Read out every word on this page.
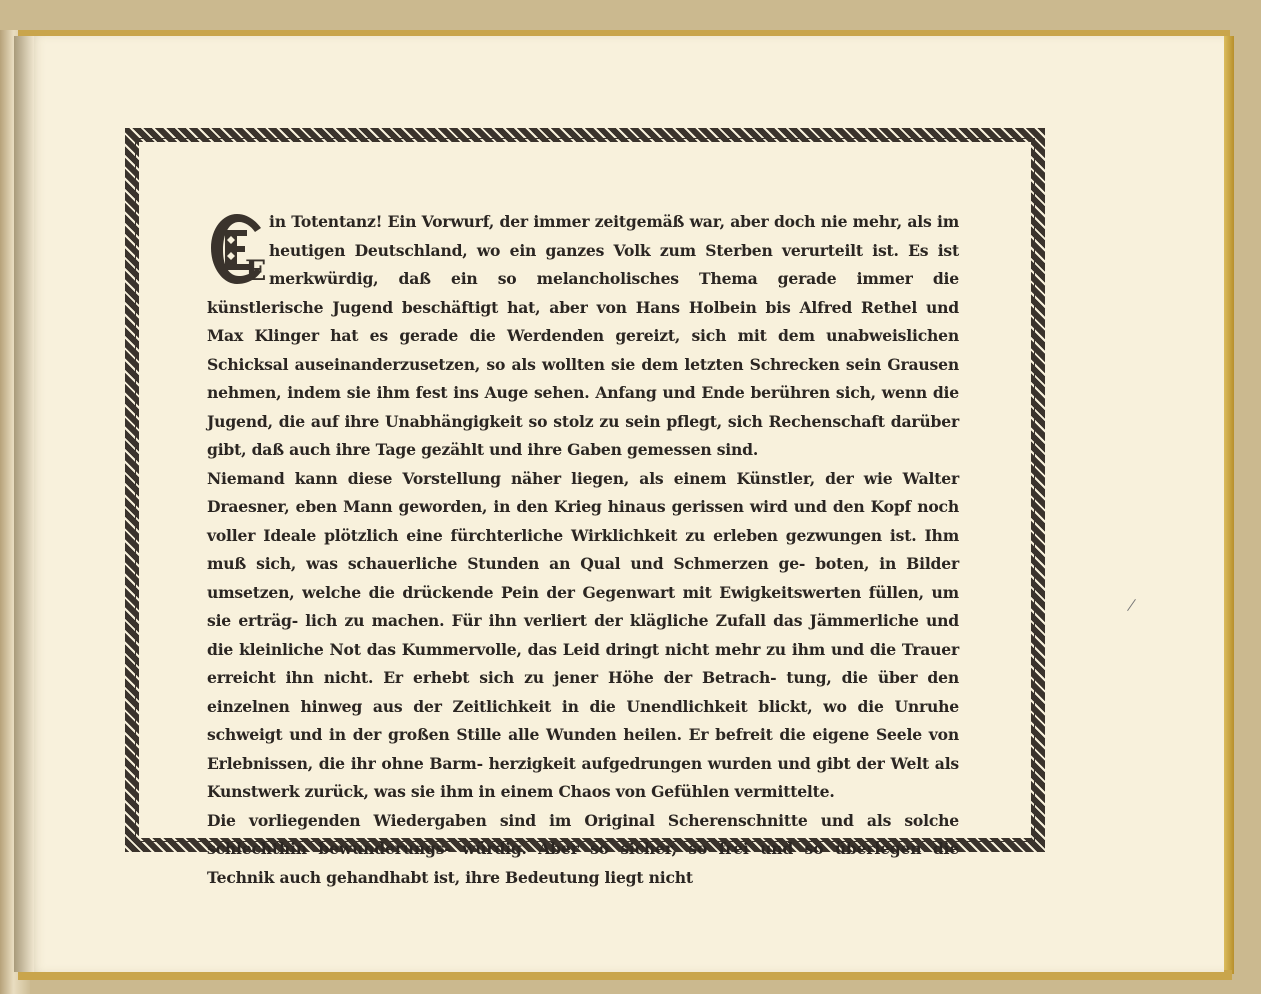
E
in Totentanz! Ein Vorwurf, der immer zeitgemäß war, aber doch nie mehr, als im heutigen Deutschland, wo ein ganzes Volk zum Sterben verurteilt ist. Es ist merkwürdig, daß ein so melancholisches Thema gerade immer die künstlerische Jugend beschäftigt hat, aber von Hans Holbein bis Alfred Rethel und Max Klinger hat es gerade die Werdenden gereizt, sich mit dem unabweislichen Schicksal auseinanderzusetzen, so als wollten sie dem letzten Schrecken sein Grausen nehmen, indem sie ihm fest ins Auge sehen. Anfang und Ende berühren sich, wenn die Jugend, die auf ihre Unabhängigkeit so stolz zu sein pflegt, sich Rechenschaft darüber gibt, daß auch ihre Tage gezählt und ihre Gaben gemessen sind.

Niemand kann diese Vorstellung näher liegen, als einem Künstler, der wie Walter Draesner, eben Mann geworden, in den Krieg hinaus gerissen wird und den Kopf noch voller Ideale plötzlich eine fürchterliche Wirklichkeit zu erleben gezwungen ist. Ihm muß sich, was schauerliche Stunden an Qual und Schmerzen ge- boten, in Bilder umsetzen, welche die drückende Pein der Gegenwart mit Ewigkeitswerten füllen, um sie erträg- lich zu machen. Für ihn verliert der klägliche Zufall das Jämmerliche und die kleinliche Not das Kummervolle, das Leid dringt nicht mehr zu ihm und die Trauer erreicht ihn nicht. Er erhebt sich zu jener Höhe der Betrach- tung, die über den einzelnen hinweg aus der Zeitlichkeit in die Unendlichkeit blickt, wo die Unruhe schweigt und in der großen Stille alle Wunden heilen. Er befreit die eigene Seele von Erlebnissen, die ihr ohne Barm- herzigkeit aufgedrungen wurden und gibt der Welt als Kunstwerk zurück, was sie ihm in einem Chaos von Gefühlen vermittelte.

Die vorliegenden Wiedergaben sind im Original Scherenschnitte und als solche schlechthin bewunderungs- würdig. Aber so sicher, so frei und so überlegen die Technik auch gehandhabt ist, ihre Bedeutung liegt nicht
